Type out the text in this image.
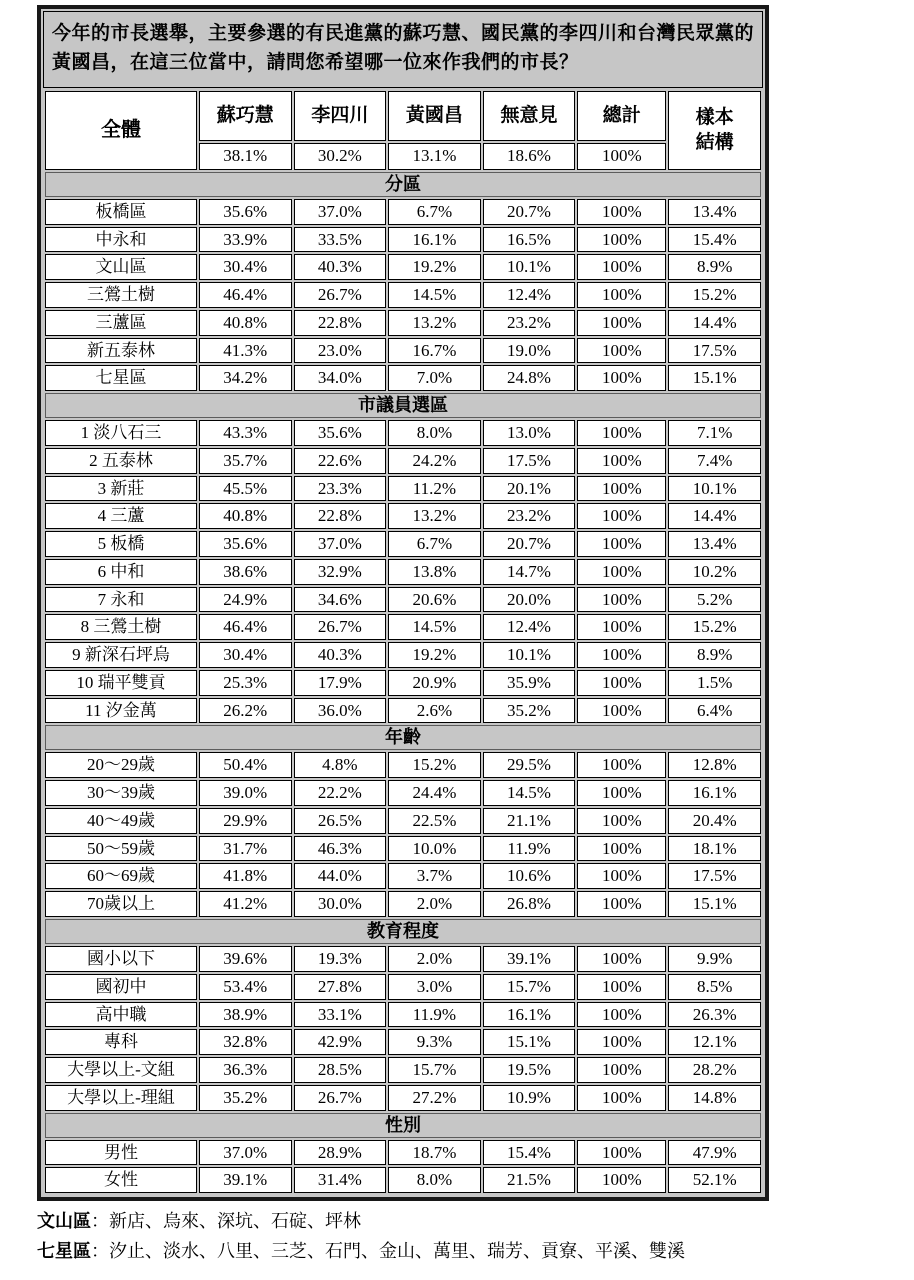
今年的市長選舉，主要參選的有民進黨的蘇巧慧、國民黨的李四川和台灣民眾黨的黃國昌，在這三位當中，請問您希望哪一位來作我們的市長？
全體	蘇巧慧	李四川	黃國昌	無意見	總計	樣本
結構
	38.1%	30.2%	13.1%	18.6%	100%	
分區						
板橋區	35.6%	37.0%	6.7%	20.7%	100%	13.4%
中永和	33.9%	33.5%	16.1%	16.5%	100%	15.4%
文山區	30.4%	40.3%	19.2%	10.1%	100%	8.9%
三鶯土樹	46.4%	26.7%	14.5%	12.4%	100%	15.2%
三蘆區	40.8%	22.8%	13.2%	23.2%	100%	14.4%
新五泰林	41.3%	23.0%	16.7%	19.0%	100%	17.5%
七星區	34.2%	34.0%	7.0%	24.8%	100%	15.1%
市議員選區						
1 淡八石三	43.3%	35.6%	8.0%	13.0%	100%	7.1%
2 五泰林	35.7%	22.6%	24.2%	17.5%	100%	7.4%
3 新莊	45.5%	23.3%	11.2%	20.1%	100%	10.1%
4 三蘆	40.8%	22.8%	13.2%	23.2%	100%	14.4%
5 板橋	35.6%	37.0%	6.7%	20.7%	100%	13.4%
6 中和	38.6%	32.9%	13.8%	14.7%	100%	10.2%
7 永和	24.9%	34.6%	20.6%	20.0%	100%	5.2%
8 三鶯土樹	46.4%	26.7%	14.5%	12.4%	100%	15.2%
9 新深石坪烏	30.4%	40.3%	19.2%	10.1%	100%	8.9%
10 瑞平雙貢	25.3%	17.9%	20.9%	35.9%	100%	1.5%
11 汐金萬	26.2%	36.0%	2.6%	35.2%	100%	6.4%
年齡						
20～29歲	50.4%	4.8%	15.2%	29.5%	100%	12.8%
30～39歲	39.0%	22.2%	24.4%	14.5%	100%	16.1%
40～49歲	29.9%	26.5%	22.5%	21.1%	100%	20.4%
50～59歲	31.7%	46.3%	10.0%	11.9%	100%	18.1%
60～69歲	41.8%	44.0%	3.7%	10.6%	100%	17.5%
70歲以上	41.2%	30.0%	2.0%	26.8%	100%	15.1%
教育程度						
國小以下	39.6%	19.3%	2.0%	39.1%	100%	9.9%
國初中	53.4%	27.8%	3.0%	15.7%	100%	8.5%
高中職	38.9%	33.1%	11.9%	16.1%	100%	26.3%
專科	32.8%	42.9%	9.3%	15.1%	100%	12.1%
大學以上-文組	36.3%	28.5%	15.7%	19.5%	100%	28.2%
大學以上-理組	35.2%	26.7%	27.2%	10.9%	100%	14.8%
性別						
男性	37.0%	28.9%	18.7%	15.4%	100%	47.9%
女性	39.1%	31.4%	8.0%	21.5%	100%	52.1%
文山區：新店、烏來、深坑、石碇、坪林
七星區：汐止、淡水、八里、三芝、石門、金山、萬里、瑞芳、貢寮、平溪、雙溪
